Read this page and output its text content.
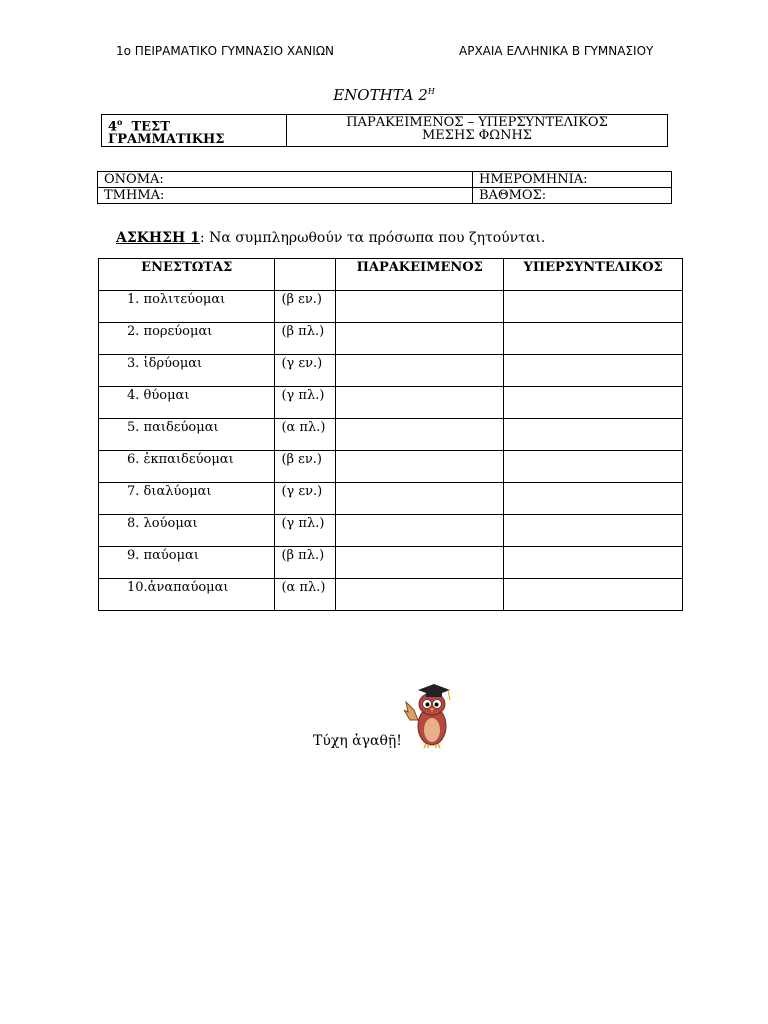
1ο ΠΕΙΡΑΜΑΤΙΚΟ ΓΥΜΝΑΣΙΟ ΧΑΝΙΩΝ	ΑΡΧΑΙΑ ΕΛΛΗΝΙΚΑ Β ΓΥΜΝΑΣΙΟΥ
ΕΝΟΤΗΤΑ $2^H$
$4^o$ ΤΕΣΤ
ΓΡΑΜΜΑΤΙΚΗΣ	ΠΑΡΑΚΕΙΜΕΝΟΣ – ΥΠΕΡΣΥΝΤΕΛΙΚΟΣ
ΜΕΣΗΣ ΦΩΝΗΣ
ΟΝΟΜΑ:	ΗΜΕΡΟΜΗΝΙΑ:
ΤΜΗΜΑ:	ΒΑΘΜΟΣ:
ΑΣΚΗΣΗ 1: Να συμπληρωθούν τα πρόσωπα που ζητούνται.
ΕΝΕΣΤΩΤΑΣ		ΠΑΡΑΚΕΙΜΕΝΟΣ	ΥΠΕΡΣΥΝΤΕΛΙΚΟΣ
1. πολιτεύομαι	(β εν.)		
2. πορεύομαι	(β πλ.)		
3. ἱδρύομαι	(γ εν.)		
4. θύομαι	(γ πλ.)		
5. παιδεύομαι	(α πλ.)		
6. ἐκπαιδεύομαι	(β εν.)		
7. διαλύομαι	(γ εν.)		
8. λούομαι	(γ πλ.)		
9. παύομαι	(β πλ.)		
10.ἀναπαύομαι	(α πλ.)		
Τύχη ἀγαθῇ!
